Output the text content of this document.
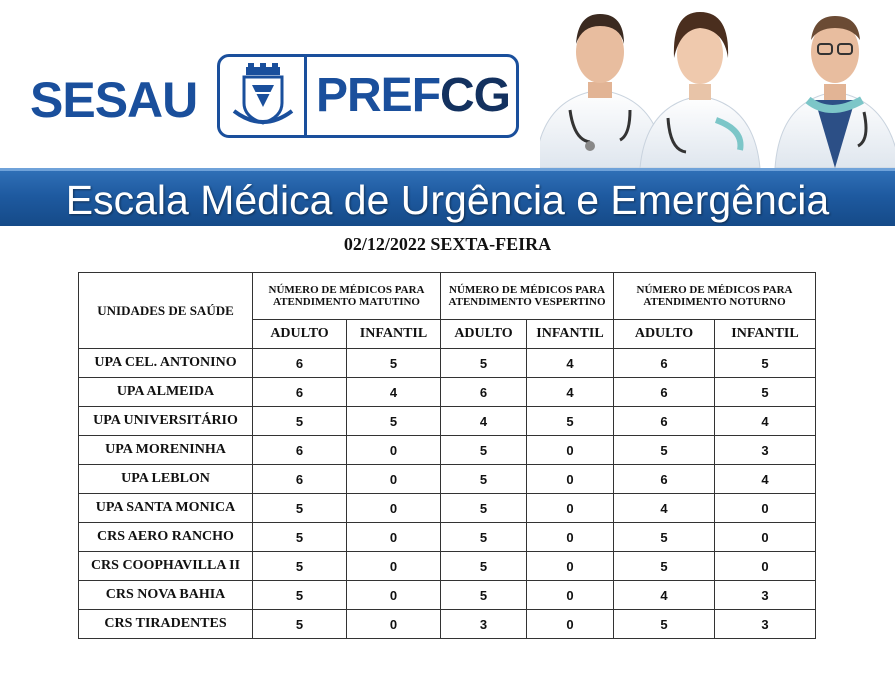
SESAU PREFCG
Escala Médica de Urgência e Emergência
02/12/2022 SEXTA-FEIRA
UNIDADES DE SAÚDE	NÚMERO DE MÉDICOS PARA ATENDIMENTO MATUTINO		NÚMERO DE MÉDICOS PARA ATENDIMENTO VESPERTINO		NÚMERO DE MÉDICOS PARA ATENDIMENTO NOTURNO	
	ADULTO	INFANTIL	ADULTO	INFANTIL	ADULTO	INFANTIL
UPA CEL. ANTONINO	6	5	5	4	6	5
UPA ALMEIDA	6	4	6	4	6	5
UPA UNIVERSITÁRIO	5	5	4	5	6	4
UPA MORENINHA	6	0	5	0	5	3
UPA LEBLON	6	0	5	0	6	4
UPA SANTA MONICA	5	0	5	0	4	0
CRS AERO RANCHO	5	0	5	0	5	0
CRS COOPHAVILLA II	5	0	5	0	5	0
CRS NOVA BAHIA	5	0	5	0	4	3
CRS TIRADENTES	5	0	3	0	5	3
